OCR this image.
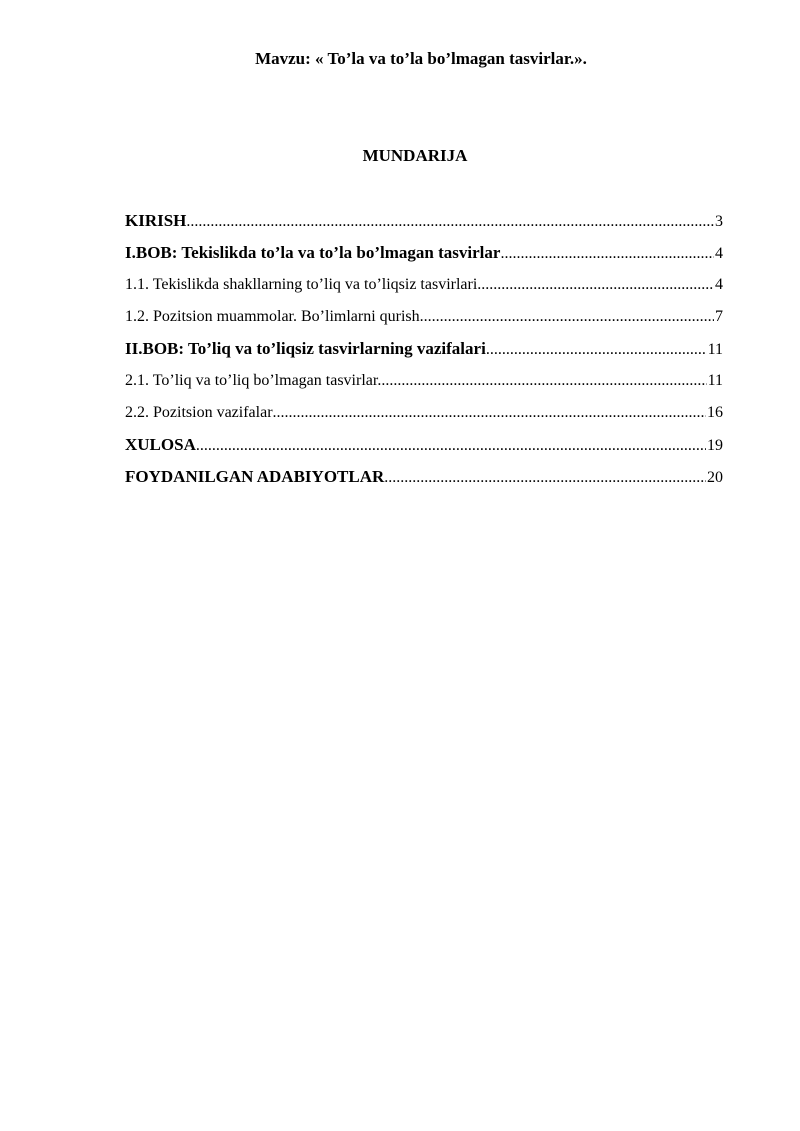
Mavzu: « To’la va to’la bo’lmagan tasvirlar.».
MUNDARIJA
KIRISH .....	3
I.BOB: Tekislikda to’la va to’la bo’lmagan tasvirlar .....	4
1.1. Tekislikda shakllarning to’liq va to’liqsiz tasvirlari .....	4
1.2. Pozitsion muammolar. Bo’limlarni qurish .....	7
II.BOB: To’liq va to’liqsiz tasvirlarning vazifalari .....	11
2.1. To’liq va to’liq bo’lmagan tasvirlar. .....	11
2.2. Pozitsion vazifalar .....	16
XULOSA .....	19
FOYDANILGAN ADABIYOTLAR .....	20
